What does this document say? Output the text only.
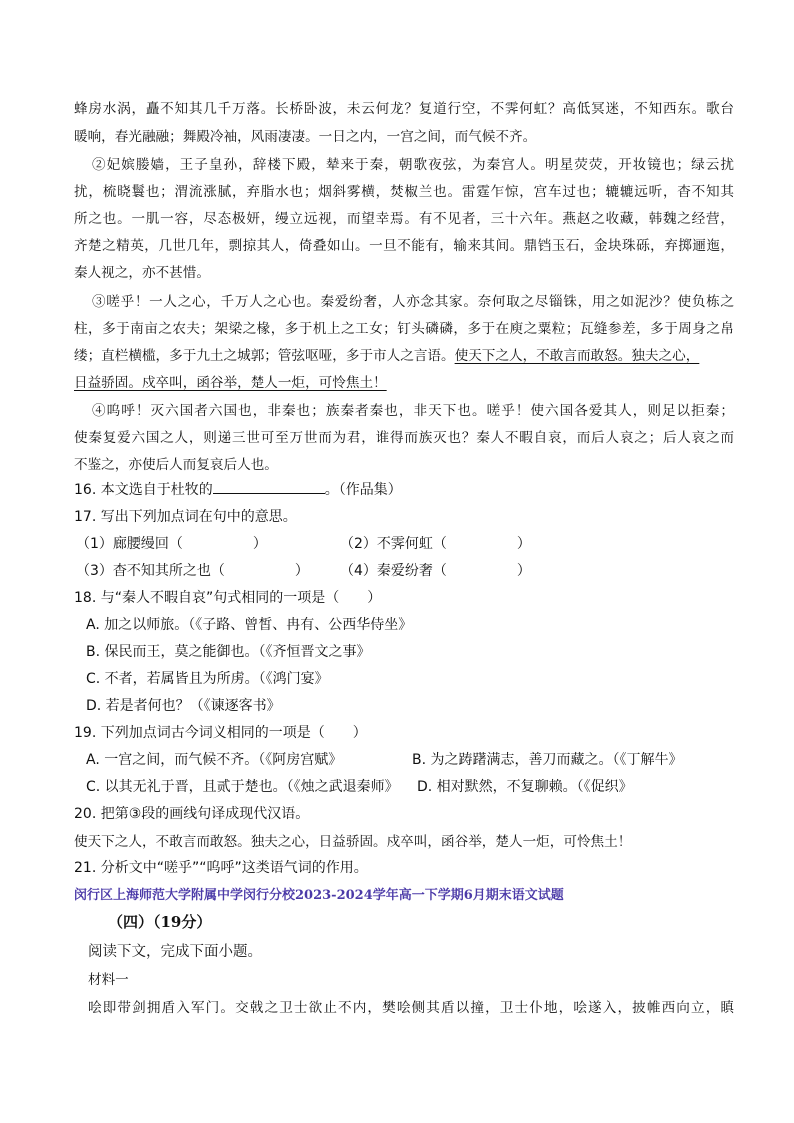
蜂房水涡，矗不知其几千万落。长桥卧波，未云何龙？复道行空，不霁何虹？高低冥迷，不知西东。歌台
暖响，春光融融；舞殿冷袖，风雨凄凄。一日之内，一宫之间，而气候不齐。
②妃嫔媵嫱，王子皇孙，辞楼下殿，辇来于秦，朝歌夜弦，为秦宫人。明星荧荧，开妆镜也；绿云扰
扰，梳晓鬟也；渭流涨腻，弃脂水也；烟斜雾横，焚椒兰也。雷霆乍惊，宫车过也；辘辘远听，杳不知其
所之也。一肌一容，尽态极妍，缦立远视，而望幸焉。有不见者，三十六年。燕赵之收藏，韩魏之经营，
齐楚之精英，几世几年，剽掠其人，倚叠如山。一旦不能有，输来其间。鼎铛玉石，金块珠砾，弃掷逦迤，
秦人视之，亦不甚惜。
③嗟乎！一人之心，千万人之心也。秦爱纷奢，人亦念其家。奈何取之尽锱铢，用之如泥沙？使负栋之
柱，多于南亩之农夫；架梁之椽，多于机上之工女；钉头磷磷，多于在庾之粟粒；瓦缝参差，多于周身之帛
缕；直栏横槛，多于九土之城郭；管弦呕哑，多于市人之言语。使天下之人，不敢言而敢怒。独夫之心，
日益骄固。戍卒叫，函谷举，楚人一炬，可怜焦土！
④呜呼！灭六国者六国也，非秦也；族秦者秦也，非天下也。嗟乎！使六国各爱其人，则足以拒秦；
使秦复爱六国之人，则递三世可至万世而为君，谁得而族灭也？秦人不暇自哀，而后人哀之；后人哀之而
不鉴之，亦使后人而复哀后人也。
16. 本文选自于杜牧的	。（作品集）
17. 写出下列加点词在句中的意思。
（1）廊腰缦回（　　　　　）	（2）不霁何虹（　　　　　）
（3）杳不知其所之也（　　　　　） （4）秦爱纷奢（　　　　　）
18. 与“秦人不暇自哀”句式相同的一项是（　　）
A. 加之以师旅。（《子路、曾皙、冉有、公西华侍坐》
B. 保民而王，莫之能御也。（《齐恒晋文之事》
C. 不者，若属皆且为所虏。（《鸿门宴》
D. 若是者何也？（《谏逐客书》
19. 下列加点词古今词义相同的一项是（　　）
A. 一宫之间，而气候不齐。（《阿房宫赋》	B. 为之踌躇满志，善刀而藏之。（《丁解牛》
C. 以其无礼于晋，且贰于楚也。（《烛之武退秦师》 D. 相对默然，不复聊赖。（《促织》
20. 把第③段的画线句译成现代汉语。
使天下之人，不敢言而敢怒。独夫之心，日益骄固。戍卒叫，函谷举，楚人一炬，可怜焦土！
21. 分析文中“嗟乎”“呜呼”这类语气词的作用。
闵行区上海师范大学附属中学闵行分校2023-2024学年高一下学期6月期末语文试题
（四）（19分）
阅读下文，完成下面小题。
材料一
哙即带剑拥盾入军门。交戟之卫士欲止不内，樊哙侧其盾以撞，卫士仆地，哙遂入，披帷西向立，瞋
